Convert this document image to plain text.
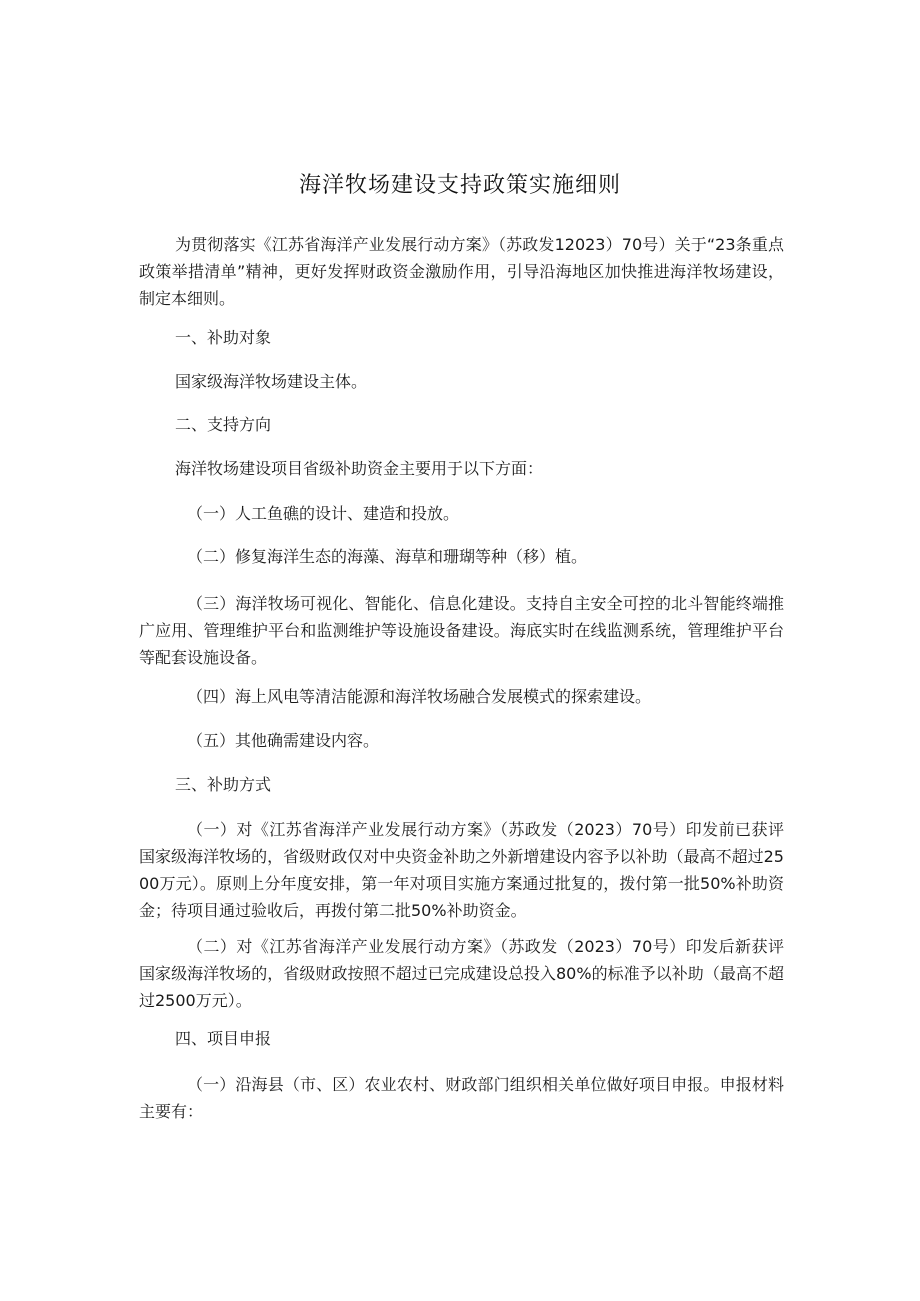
海洋牧场建设支持政策实施细则

为贯彻落实《江苏省海洋产业发展行动方案》（苏政发12023）70号）关于“23条重点政策举措清单”精神，更好发挥财政资金激励作用，引导沿海地区加快推进海洋牧场建设，制定本细则。

一、补助对象

国家级海洋牧场建设主体。

二、支持方向

海洋牧场建设项目省级补助资金主要用于以下方面：

（一）人工鱼礁的设计、建造和投放。

（二）修复海洋生态的海藻、海草和珊瑚等种（移）植。

（三）海洋牧场可视化、智能化、信息化建设。支持自主安全可控的北斗智能终端推广应用、管理维护平台和监测维护等设施设备建设。海底实时在线监测系统，管理维护平台等配套设施设备。

（四）海上风电等清洁能源和海洋牧场融合发展模式的探索建设。

（五）其他确需建设内容。

三、补助方式

（一）对《江苏省海洋产业发展行动方案》（苏政发（2023）70号）印发前已获评国家级海洋牧场的，省级财政仅对中央资金补助之外新增建设内容予以补助（最高不超过2500万元）。原则上分年度安排，第一年对项目实施方案通过批复的，拨付第一批50%补助资金；待项目通过验收后，再拨付第二批50%补助资金。

（二）对《江苏省海洋产业发展行动方案》（苏政发（2023）70号）印发后新获评国家级海洋牧场的，省级财政按照不超过已完成建设总投入80%的标准予以补助（最高不超过2500万元）。

四、项目申报

（一）沿海县（市、区）农业农村、财政部门组织相关单位做好项目申报。申报材料主要有：
